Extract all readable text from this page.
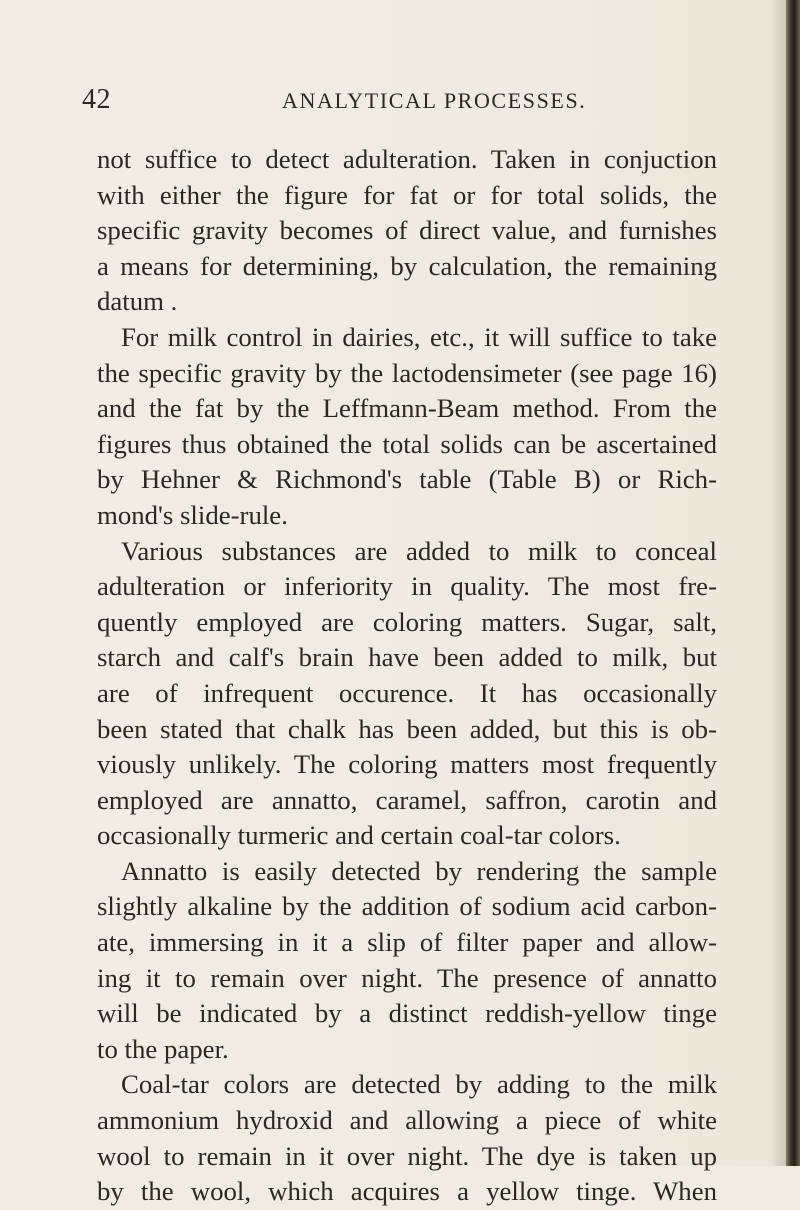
42	ANALYTICAL PROCESSES.
not suffice to detect adulteration. Taken in conjuction
with either the figure for fat or for total solids, the
specific gravity becomes of direct value, and furnishes
a means for determining, by calculation, the remaining
datum .
For milk control in dairies, etc., it will suffice to take
the specific gravity by the lactodensimeter (see page 16)
and the fat by the Leffmann-Beam method. From the
figures thus obtained the total solids can be ascertained
by Hehner & Richmond's table (Table B) or Rich-
mond's slide-rule.
Various substances are added to milk to conceal
adulteration or inferiority in quality. The most fre-
quently employed are coloring matters. Sugar, salt,
starch and calf's brain have been added to milk, but
are of infrequent occurence. It has occasionally
been stated that chalk has been added, but this is ob-
viously unlikely. The coloring matters most frequently
employed are annatto, caramel, saffron, carotin and
occasionally turmeric and certain coal-tar colors.
Annatto is easily detected by rendering the sample
slightly alkaline by the addition of sodium acid carbon-
ate, immersing in it a slip of filter paper and allow-
ing it to remain over night. The presence of annatto
will be indicated by a distinct reddish-yellow tinge
to the paper.
Coal-tar colors are detected by adding to the milk
ammonium hydroxid and allowing a piece of white
wool to remain in it over night. The dye is taken up
by the wool, which acquires a yellow tinge. When
